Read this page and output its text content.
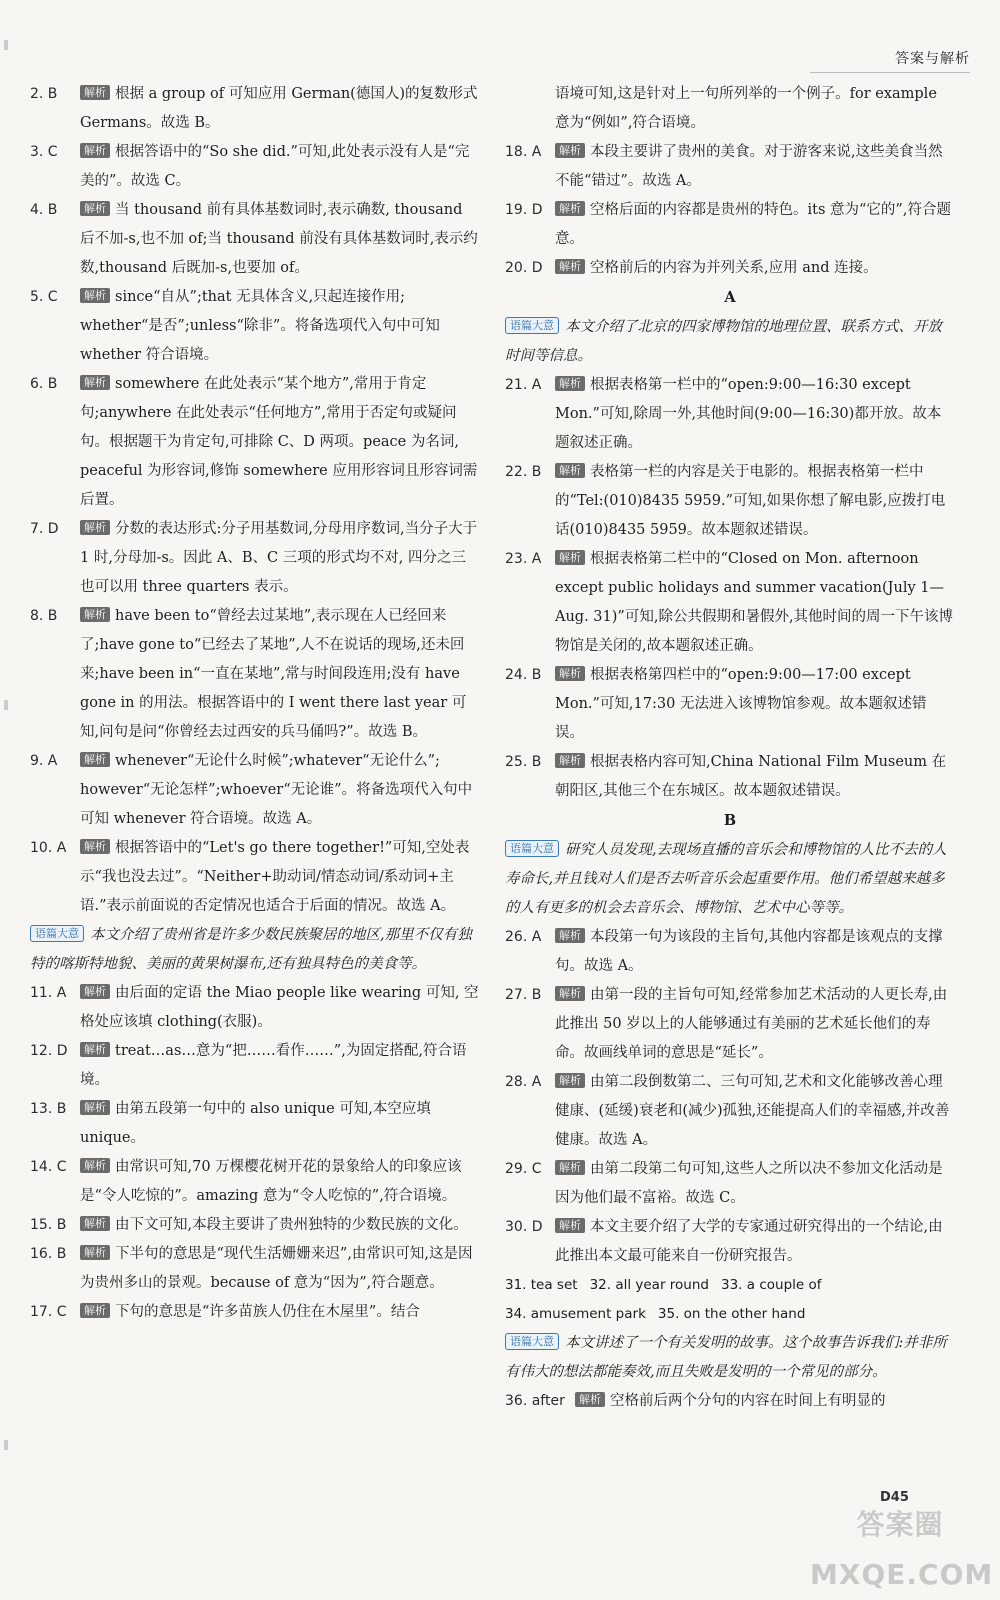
答案与解析
2. B	解析 根据 a group of 可知应用 German(德国人)的复数形式 Germans。故选 B。
3. C	解析 根据答语中的“So she did.”可知,此处表示没有人是“完美的”。故选 C。
4. B	解析 当 thousand 前有具体基数词时,表示确数, thousand 后不加-s,也不加 of;当 thousand 前没有具体基数词时,表示约数,thousand 后既加-s,也要加 of。
5. C	解析 since“自从”;that 无具体含义,只起连接作用; whether“是否”;unless“除非”。将备选项代入句中可知 whether 符合语境。
6. B	解析 somewhere 在此处表示“某个地方”,常用于肯定句;anywhere 在此处表示“任何地方”,常用于否定句或疑问句。根据题干为肯定句,可排除 C、D 两项。peace 为名词, peaceful 为形容词,修饰 somewhere 应用形容词且形容词需后置。
7. D	解析 分数的表达形式:分子用基数词,分母用序数词,当分子大于 1 时,分母加-s。因此 A、B、C 三项的形式均不对, 四分之三也可以用 three quarters 表示。
8. B	解析 have been to“曾经去过某地”,表示现在人已经回来了;have gone to“已经去了某地”,人不在说话的现场,还未回来;have been in“一直在某地”,常与时间段连用;没有 have gone in 的用法。根据答语中的 I went there last year 可知,问句是问“你曾经去过西安的兵马俑吗?”。故选 B。
9. A	解析 whenever“无论什么时候”;whatever“无论什么”; however“无论怎样”;whoever“无论谁”。将备选项代入句中可知 whenever 符合语境。故选 A。
10. A	解析 根据答语中的“Let's go there together!”可知,空处表示“我也没去过”。“Neither+助动词/情态动词/系动词+主语.”表示前面说的否定情况也适合于后面的情况。故选 A。
语篇大意 本文介绍了贵州省是许多少数民族聚居的地区,那里不仅有独特的喀斯特地貌、美丽的黄果树瀑布,还有独具特色的美食等。
11. A	解析 由后面的定语 the Miao people like wearing 可知, 空格处应该填 clothing(衣服)。
12. D	解析 treat…as…意为“把……看作……”,为固定搭配,符合语境。
13. B	解析 由第五段第一句中的 also unique 可知,本空应填 unique。
14. C	解析 由常识可知,70 万棵樱花树开花的景象给人的印象应该是“令人吃惊的”。amazing 意为“令人吃惊的”,符合语境。
15. B	解析 由下文可知,本段主要讲了贵州独特的少数民族的文化。
16. B	解析 下半句的意思是“现代生活姗姗来迟”,由常识可知,这是因为贵州多山的景观。because of 意为“因为”,符合题意。
17. C	解析 下句的意思是“许多苗族人仍住在木屋里”。结合
语境可知,这是针对上一句所列举的一个例子。for example 意为“例如”,符合语境。
18. A	解析 本段主要讲了贵州的美食。对于游客来说,这些美食当然不能“错过”。故选 A。
19. D	解析 空格后面的内容都是贵州的特色。its 意为“它的”,符合题意。
20. D	解析 空格前后的内容为并列关系,应用 and 连接。
A
语篇大意 本文介绍了北京的四家博物馆的地理位置、联系方式、开放时间等信息。
21. A	解析 根据表格第一栏中的“open:9:00—16:30 except Mon.”可知,除周一外,其他时间(9:00—16:30)都开放。故本题叙述正确。
22. B	解析 表格第一栏的内容是关于电影的。根据表格第一栏中的“Tel:(010)8435 5959.”可知,如果你想了解电影,应拨打电话(010)8435 5959。故本题叙述错误。
23. A	解析 根据表格第二栏中的“Closed on Mon. afternoon except public holidays and summer vacation(July 1—Aug. 31)”可知,除公共假期和暑假外,其他时间的周一下午该博物馆是关闭的,故本题叙述正确。
24. B	解析 根据表格第四栏中的“open:9:00—17:00 except Mon.”可知,17:30 无法进入该博物馆参观。故本题叙述错误。
25. B	解析 根据表格内容可知,China National Film Museum 在朝阳区,其他三个在东城区。故本题叙述错误。
B
语篇大意 研究人员发现,去现场直播的音乐会和博物馆的人比不去的人寿命长,并且钱对人们是否去听音乐会起重要作用。他们希望越来越多的人有更多的机会去音乐会、博物馆、艺术中心等等。
26. A	解析 本段第一句为该段的主旨句,其他内容都是该观点的支撑句。故选 A。
27. B	解析 由第一段的主旨句可知,经常参加艺术活动的人更长寿,由此推出 50 岁以上的人能够通过有美丽的艺术延长他们的寿命。故画线单词的意思是“延长”。
28. A	解析 由第二段倒数第二、三句可知,艺术和文化能够改善心理健康、(延缓)衰老和(减少)孤独,还能提高人们的幸福感,并改善健康。故选 A。
29. C	解析 由第二段第二句可知,这些人之所以决不参加文化活动是因为他们最不富裕。故选 C。
30. D	解析 本文主要介绍了大学的专家通过研究得出的一个结论,由此推出本文最可能来自一份研究报告。
31. tea set 32. all year round 33. a couple of
34. amusement park 35. on the other hand
语篇大意 本文讲述了一个有关发明的故事。这个故事告诉我们:并非所有伟大的想法都能奏效,而且失败是发明的一个常见的部分。
36. after	解析 空格前后两个分句的内容在时间上有明显的
答案圈 MXQE.COM
D45
